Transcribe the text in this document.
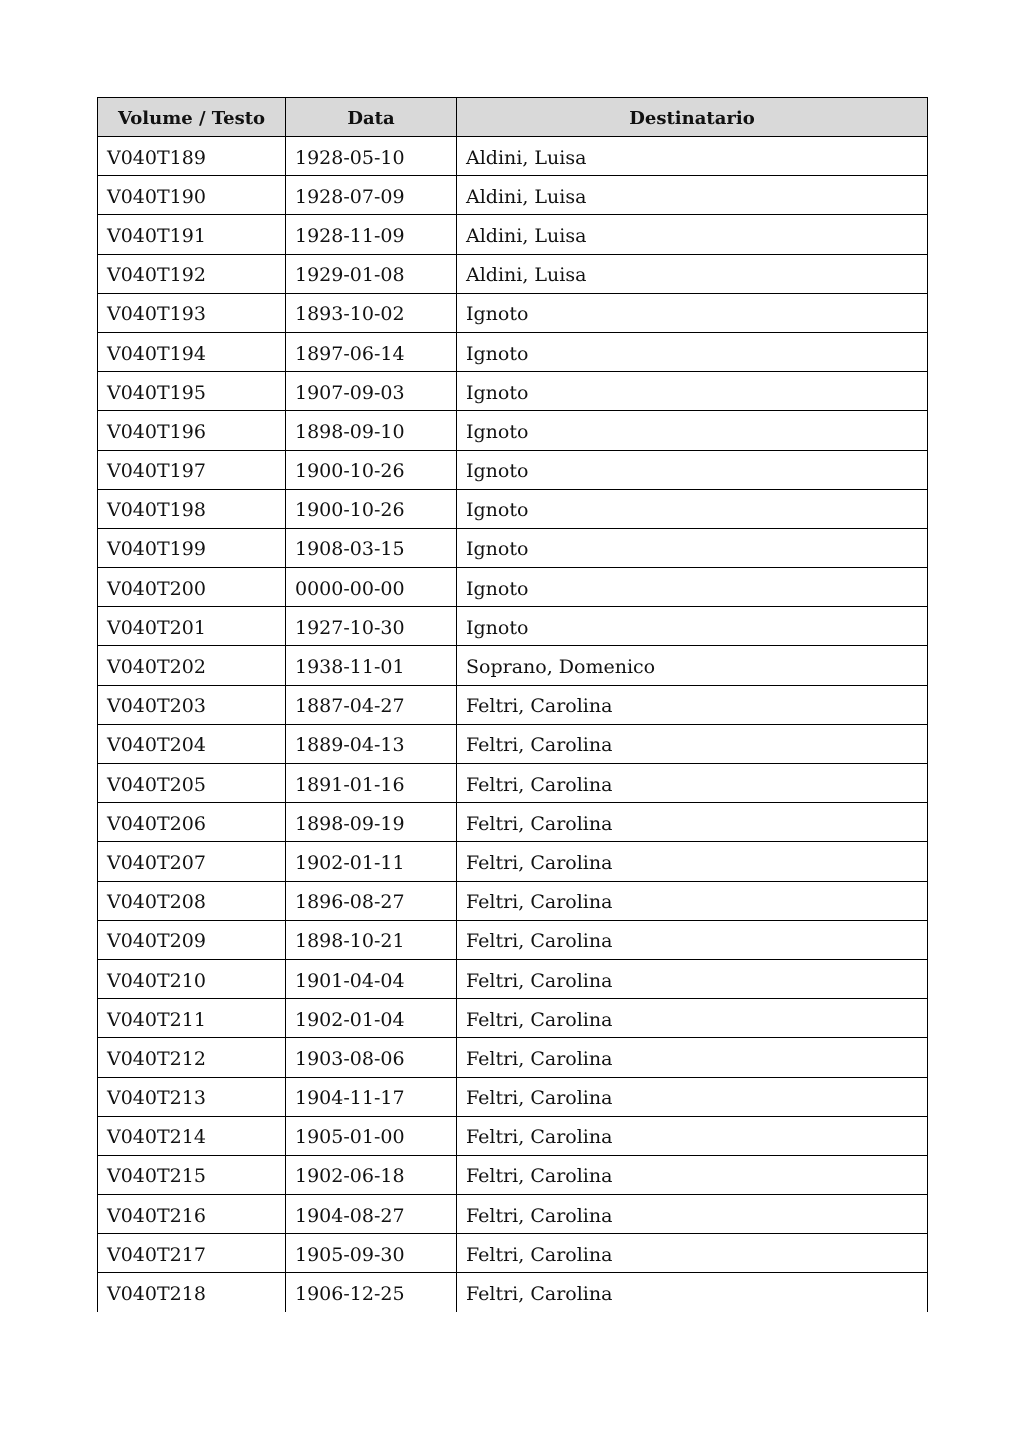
Volume / Testo	Data	Destinatario
V040T189	1928-05-10	Aldini, Luisa
V040T190	1928-07-09	Aldini, Luisa
V040T191	1928-11-09	Aldini, Luisa
V040T192	1929-01-08	Aldini, Luisa
V040T193	1893-10-02	Ignoto
V040T194	1897-06-14	Ignoto
V040T195	1907-09-03	Ignoto
V040T196	1898-09-10	Ignoto
V040T197	1900-10-26	Ignoto
V040T198	1900-10-26	Ignoto
V040T199	1908-03-15	Ignoto
V040T200	0000-00-00	Ignoto
V040T201	1927-10-30	Ignoto
V040T202	1938-11-01	Soprano, Domenico
V040T203	1887-04-27	Feltri, Carolina
V040T204	1889-04-13	Feltri, Carolina
V040T205	1891-01-16	Feltri, Carolina
V040T206	1898-09-19	Feltri, Carolina
V040T207	1902-01-11	Feltri, Carolina
V040T208	1896-08-27	Feltri, Carolina
V040T209	1898-10-21	Feltri, Carolina
V040T210	1901-04-04	Feltri, Carolina
V040T211	1902-01-04	Feltri, Carolina
V040T212	1903-08-06	Feltri, Carolina
V040T213	1904-11-17	Feltri, Carolina
V040T214	1905-01-00	Feltri, Carolina
V040T215	1902-06-18	Feltri, Carolina
V040T216	1904-08-27	Feltri, Carolina
V040T217	1905-09-30	Feltri, Carolina
V040T218	1906-12-25	Feltri, Carolina
